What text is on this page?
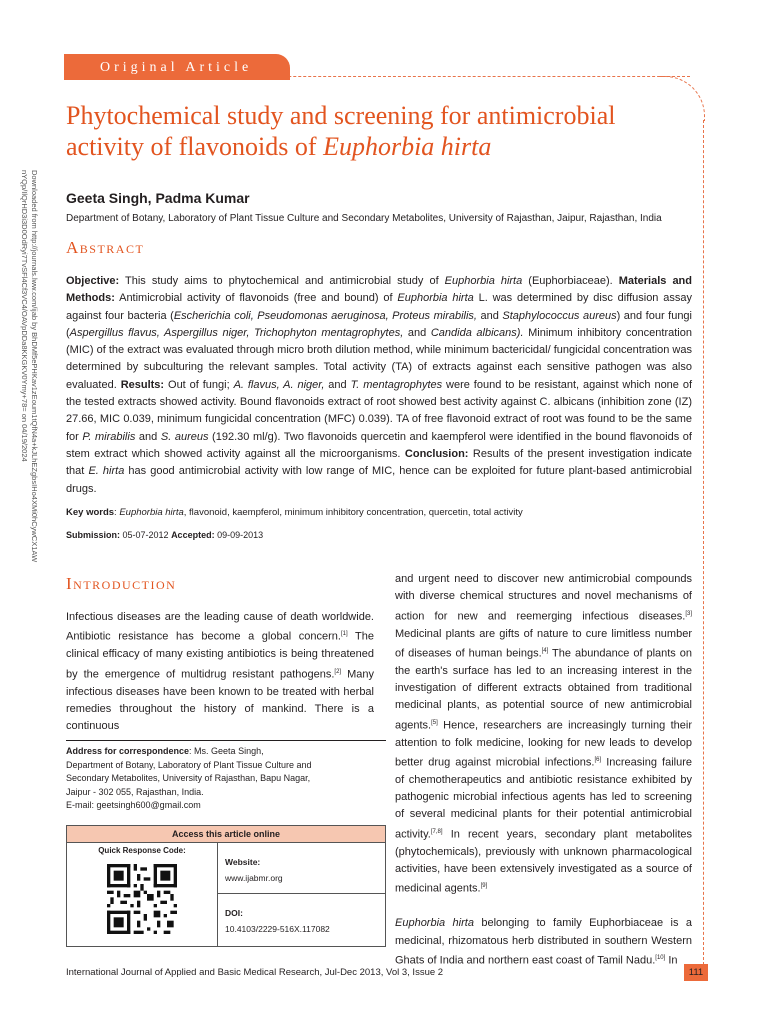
Original Article
Phytochemical study and screening for antimicrobial activity of flavonoids of Euphorbia hirta
Geeta Singh, Padma Kumar
Department of Botany, Laboratory of Plant Tissue Culture and Secondary Metabolites, University of Rajasthan, Jaipur, Rajasthan, India
Abstract
Objective: This study aims to phytochemical and antimicrobial study of Euphorbia hirta (Euphorbiaceae). Materials and Methods: Antimicrobial activity of flavonoids (free and bound) of Euphorbia hirta L. was determined by disc diffusion assay against four bacteria (Escherichia coli, Pseudomonas aeruginosa, Proteus mirabilis, and Staphylococcus aureus) and four fungi (Aspergillus flavus, Aspergillus niger, Trichophyton mentagrophytes, and Candida albicans). Minimum inhibitory concentration (MIC) of the extract was evaluated through micro broth dilution method, while minimum bactericidal/ fungicidal concentration was determined by subculturing the relevant samples. Total activity (TA) of extracts against each sensitive pathogen was also evaluated. Results: Out of fungi; A. flavus, A. niger, and T. mentagrophytes were found to be resistant, against which none of the tested extracts showed activity. Bound flavonoids extract of root showed best activity against C. albicans (inhibition zone (IZ) 27.66, MIC 0.039, minimum fungicidal concentration (MFC) 0.039). TA of free flavonoid extract of root was found to be the same for P. mirabilis and S. aureus (192.30 ml/g). Two flavonoids quercetin and kaempferol were identified in the bound flavonoids of stem extract which showed activity against all the microorganisms. Conclusion: Results of the present investigation indicate that E. hirta has good antimicrobial activity with low range of MIC, hence can be exploited for future plant-based antimicrobial drugs.
Key words: Euphorbia hirta, flavonoid, kaempferol, minimum inhibitory concentration, quercetin, total activity
Submission: 05-07-2012 Accepted: 09-09-2013
Introduction

Infectious diseases are the leading cause of death worldwide. Antibiotic resistance has become a global concern.[1] The clinical efficacy of many existing antibiotics is being threatened by the emergence of multidrug resistant pathogens.[2] Many infectious diseases have been known to be treated with herbal remedies throughout the history of mankind. There is a continuous

Address for correspondence: Ms. Geeta Singh,
Department of Botany, Laboratory of Plant Tissue Culture and
Secondary Metabolites, University of Rajasthan, Bapu Nagar,
Jaipur - 302 055, Rajasthan, India.
E-mail: geetsingh600@gmail.com
Access this article online
Quick Response Code:
Website:
www.ijabmr.org
DOI:
10.4103/2229-516X.117082

and urgent need to discover new antimicrobial compounds with diverse chemical structures and novel mechanisms of action for new and reemerging infectious diseases.[3] Medicinal plants are gifts of nature to cure limitless number of diseases of human beings.[4] The abundance of plants on the earth's surface has led to an increasing interest in the investigation of different extracts obtained from traditional medicinal plants, as potential source of new antimicrobial agents.[5] Hence, researchers are increasingly turning their attention to folk medicine, looking for new leads to develop better drug against microbial infections.[6] Increasing failure of chemotherapeutics and antibiotic resistance exhibited by pathogenic microbial infectious agents has led to screening of several medicinal plants for their potential antimicrobial activity.[7,8] In recent years, secondary plant metabolites (phytochemicals), previously with unknown pharmacological activities, have been extensively investigated as a source of medicinal agents.[9]

Euphorbia hirta belonging to family Euphorbiaceae is a medicinal, rhizomatous herb distributed in southern Western Ghats of India and northern east coast of Tamil Nadu.[10] In

International Journal of Applied and Basic Medical Research, Jul-Dec 2013, Vol 3, Issue 2	111
Downloaded from http://journals.lww.com/ijab by BhDMf5ePHKav1zEoum1tQfN4a+kJLhEZgbsIHo4XMi0hCywCX1AW
nYQp/IlQrHD3i3D0OdRyi7TvSFl4Cf3VC4/OAVpDDa8KKGKV0Ymy+78= on 04/19/2024
